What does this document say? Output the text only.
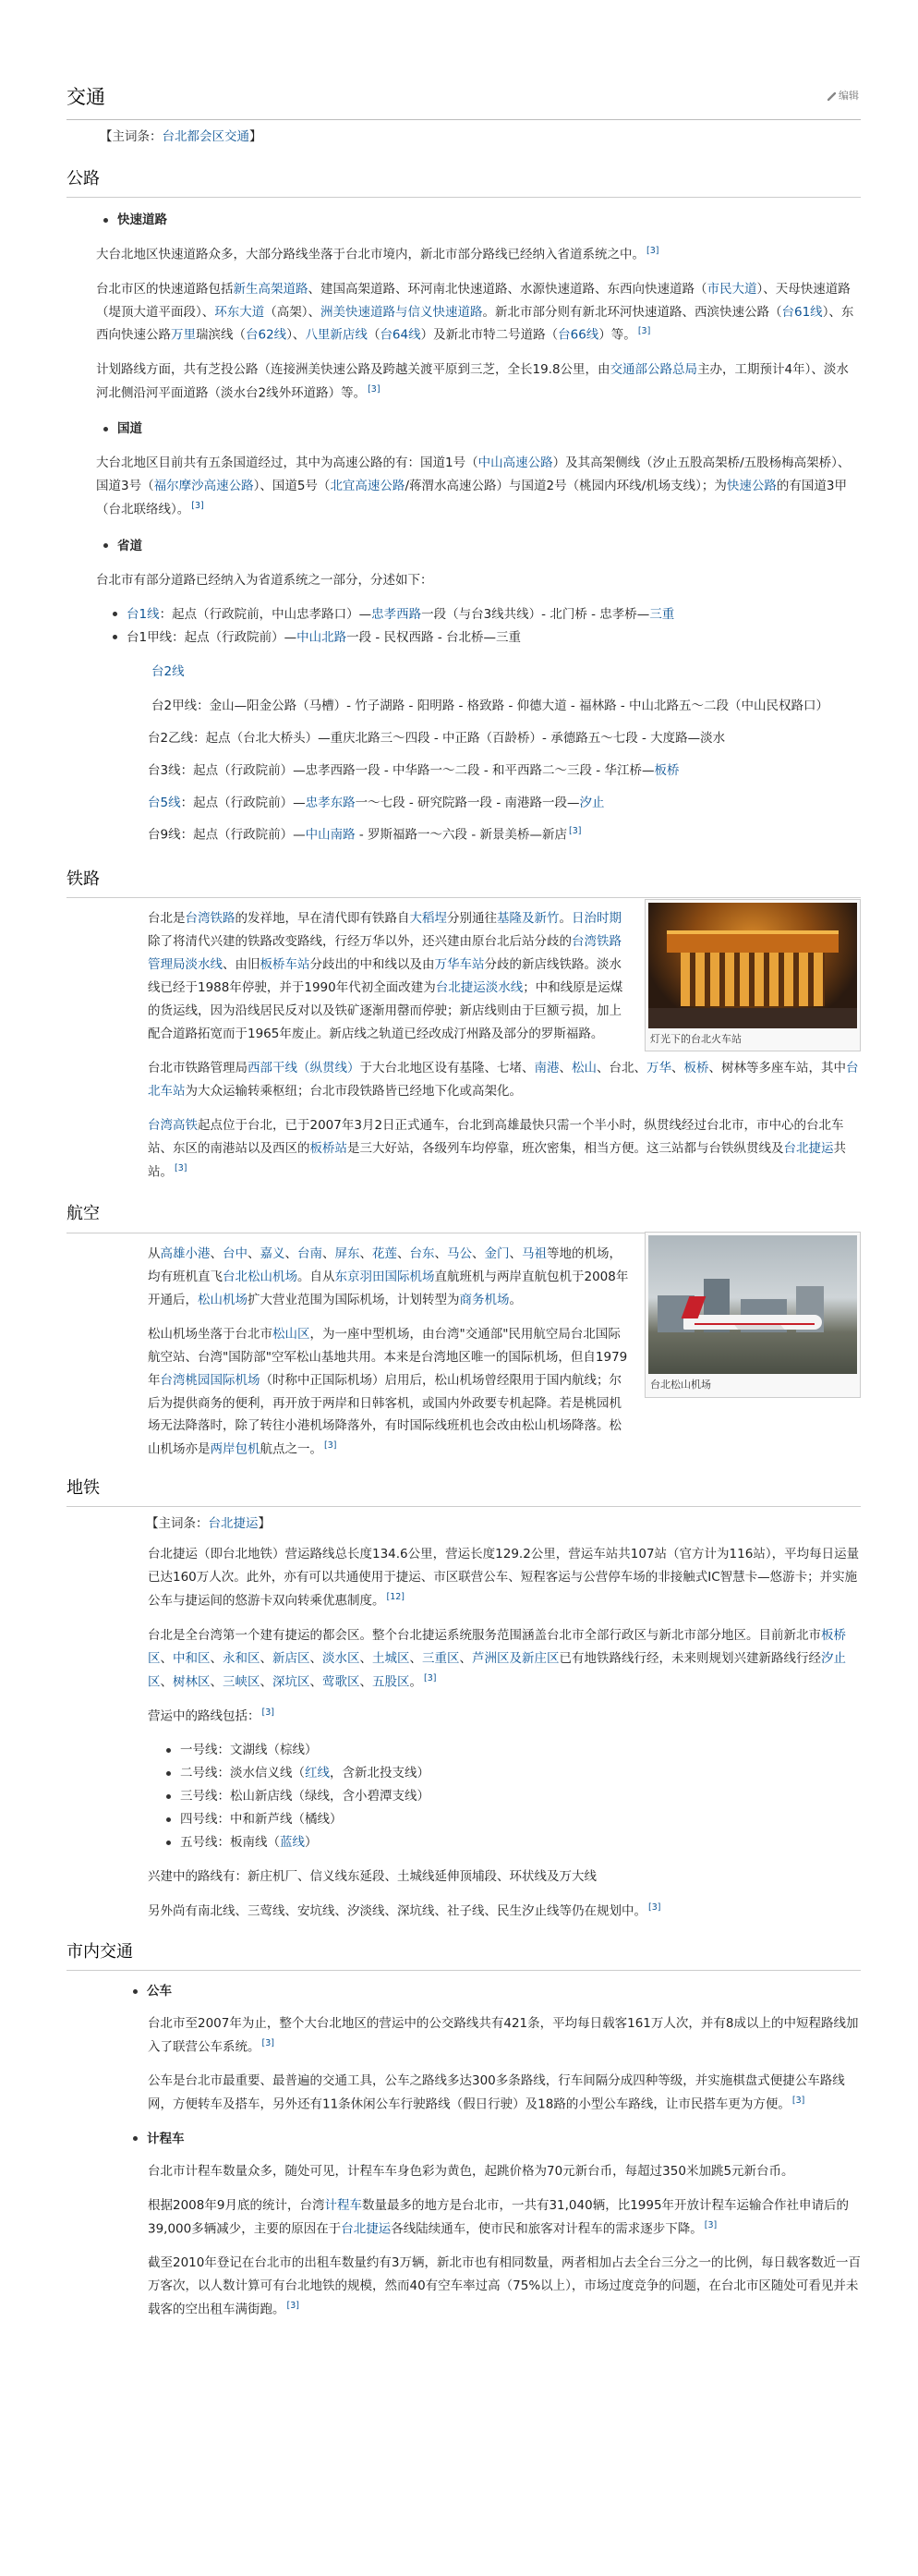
交通	编辑
【主词条：台北都会区交通】
公路
快速道路

大台北地区快速道路众多，大部分路线坐落于台北市境内，新北市部分路线已经纳入省道系统之中。 [3]

台北市区的快速道路包括新生高架道路、建国高架道路、环河南北快速道路、水源快速道路、东西向快速道路（市民大道）、天母快速道路（堤顶大道平面段）、环东大道（高架）、洲美快速道路与信义快速道路。新北市部分则有新北环河快速道路、西滨快速公路（台61线）、东西向快速公路万里瑞滨线（台62线）、八里新店线（台64线）及新北市特二号道路（台66线）等。 [3]

计划路线方面，共有芝投公路（连接洲美快速公路及跨越关渡平原到三芝，全长19.8公里，由交通部公路总局主办，工期预计4年）、淡水河北侧沿河平面道路（淡水台2线外环道路）等。 [3]

国道

大台北地区目前共有五条国道经过，其中为高速公路的有：国道1号（中山高速公路）及其高架侧线（汐止五股高架桥/五股杨梅高架桥）、国道3号（福尔摩沙高速公路）、国道5号（北宜高速公路/蒋渭水高速公路）与国道2号（桃园内环线/机场支线）；为快速公路的有国道3甲（台北联络线）。 [3]

省道

台北市有部分道路已经纳入为省道系统之一部分，分述如下：

台1线：起点（行政院前，中山忠孝路口）—忠孝西路一段（与台3线共线）- 北门桥 - 忠孝桥—三重
台1甲线：起点（行政院前）—中山北路一段 - 民权西路 - 台北桥—三重
台2线
台2甲线：金山—阳金公路（马槽）- 竹子湖路 - 阳明路 - 格致路 - 仰德大道 - 福林路 - 中山北路五～二段（中山民权路口）
台2乙线：起点（台北大桥头）—重庆北路三～四段 - 中正路（百龄桥）- 承德路五～七段 - 大度路—淡水
台3线：起点（行政院前）—忠孝西路一段 - 中华路一～二段 - 和平西路二～三段 - 华江桥—板桥
台5线：起点（行政院前）—忠孝东路一～七段 - 研究院路一段 - 南港路一段—汐止
台9线：起点（行政院前）—中山南路 - 罗斯福路一～六段 - 新景美桥—新店 [3]
铁路
灯光下的台北火车站

台北是台湾铁路的发祥地，早在清代即有铁路自大稻埕分别通往基隆及新竹。日治时期除了将清代兴建的铁路改变路线，行经万华以外，还兴建由原台北后站分歧的台湾铁路管理局淡水线、由旧板桥车站分歧出的中和线以及由万华车站分歧的新店线铁路。淡水线已经于1988年停驶，并于1990年代初全面改建为台北捷运淡水线；中和线原是运煤的货运线，因为沿线居民反对以及铁矿逐渐用罄而停驶；新店线则由于巨额亏损，加上配合道路拓宽而于1965年废止。新店线之轨道已经改成汀州路及部分的罗斯福路。

台北市铁路管理局西部干线（纵贯线）于大台北地区设有基隆、七堵、南港、松山、台北、万华、板桥、树林等多座车站，其中台北车站为大众运输转乘枢纽；台北市段铁路皆已经地下化或高架化。

台湾高铁起点位于台北，已于2007年3月2日正式通车，台北到高雄最快只需一个半小时，纵贯线经过台北市，市中心的台北车站、东区的南港站以及西区的板桥站是三大好站，各级列车均停靠，班次密集，相当方便。这三站都与台铁纵贯线及台北捷运共站。 [3]

航空
台北松山机场

从高雄小港、台中、嘉义、台南、屏东、花莲、台东、马公、金门、马祖等地的机场，均有班机直飞台北松山机场。自从东京羽田国际机场直航班机与两岸直航包机于2008年开通后，松山机场扩大营业范围为国际机场，计划转型为商务机场。

松山机场坐落于台北市松山区，为一座中型机场，由台湾"交通部"民用航空局台北国际航空站、台湾"国防部"空军松山基地共用。本来是台湾地区唯一的国际机场，但自1979年台湾桃园国际机场（时称中正国际机场）启用后，松山机场曾经限用于国内航线；尔后为提供商务的便利，再开放于两岸和日韩客机，或国内外政要专机起降。若是桃园机场无法降落时，除了转往小港机场降落外，有时国际线班机也会改由松山机场降落。松山机场亦是两岸包机航点之一。 [3]

地铁
【主词条：台北捷运】

台北捷运（即台北地铁）营运路线总长度134.6公里，营运长度129.2公里，营运车站共107站（官方计为116站），平均每日运量已达160万人次。此外，亦有可以共通使用于捷运、市区联营公车、短程客运与公营停车场的非接触式IC智慧卡—悠游卡；并实施公车与捷运间的悠游卡双向转乘优惠制度。 [12]

台北是全台湾第一个建有捷运的都会区。整个台北捷运系统服务范围涵盖台北市全部行政区与新北市部分地区。目前新北市板桥区、中和区、永和区、新店区、淡水区、土城区、三重区、芦洲区及新庄区已有地铁路线行经，未来则规划兴建新路线行经汐止区、树林区、三峡区、深坑区、莺歌区、五股区。 [3]

营运中的路线包括： [3]

一号线：文湖线（棕线）
二号线：淡水信义线（红线，含新北投支线）
三号线：松山新店线（绿线，含小碧潭支线）
四号线：中和新芦线（橘线）
五号线：板南线（蓝线）

兴建中的路线有：新庄机厂、信义线东延段、土城线延伸顶埔段、环状线及万大线

另外尚有南北线、三莺线、安坑线、汐淡线、深坑线、社子线、民生汐止线等仍在规划中。 [3]

市内交通
公车

台北市至2007年为止，整个大台北地区的营运中的公交路线共有421条，平均每日载客161万人次，并有8成以上的中短程路线加入了联营公车系统。 [3]

公车是台北市最重要、最普遍的交通工具，公车之路线多达300多条路线，行车间隔分成四种等级，并实施棋盘式便捷公车路线网，方便转车及搭车，另外还有11条休闲公车行驶路线（假日行驶）及18路的小型公车路线，让市民搭车更为方便。 [3]

计程车

台北市计程车数量众多，随处可见，计程车车身色彩为黄色，起跳价格为70元新台币，每超过350米加跳5元新台币。

根据2008年9月底的统计，台湾计程车数量最多的地方是台北市，一共有31,040辆，比1995年开放计程车运输合作社申请后的39,000多辆减少，主要的原因在于台北捷运各线陆续通车，使市民和旅客对计程车的需求逐步下降。 [3]

截至2010年登记在台北市的出租车数量约有3万辆，新北市也有相同数量，两者相加占去全台三分之一的比例，每日载客数近一百万客次，以人数计算可有台北地铁的规模，然而40有空车率过高（75%以上），市场过度竞争的问题，在台北市区随处可看见并未载客的空出租车满街跑。 [3]
